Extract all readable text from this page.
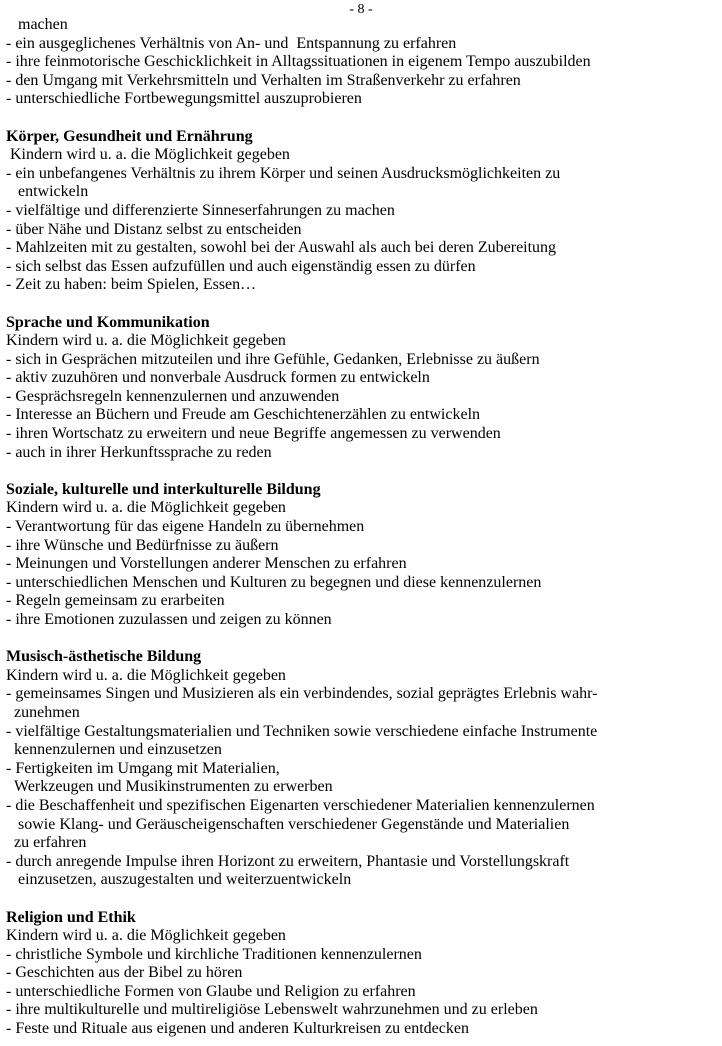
- 8 -
machen
- ein ausgeglichenes Verhältnis von An- und  Entspannung zu erfahren
- ihre feinmotorische Geschicklichkeit in Alltagssituationen in eigenem Tempo auszubilden
- den Umgang mit Verkehrsmitteln und Verhalten im Straßenverkehr zu erfahren
- unterschiedliche Fortbewegungsmittel auszuprobieren
Körper, Gesundheit und Ernährung
Kindern wird u. a. die Möglichkeit gegeben
- ein unbefangenes Verhältnis zu ihrem Körper und seinen Ausdrucksmöglichkeiten zu
entwickeln
- vielfältige und differenzierte Sinneserfahrungen zu machen
- über Nähe und Distanz selbst zu entscheiden
- Mahlzeiten mit zu gestalten, sowohl bei der Auswahl als auch bei deren Zubereitung
- sich selbst das Essen aufzufüllen und auch eigenständig essen zu dürfen
- Zeit zu haben: beim Spielen, Essen…
Sprache und Kommunikation
Kindern wird u. a. die Möglichkeit gegeben
- sich in Gesprächen mitzuteilen und ihre Gefühle, Gedanken, Erlebnisse zu äußern
- aktiv zuzuhören und nonverbale Ausdruck formen zu entwickeln
- Gesprächsregeln kennenzulernen und anzuwenden
- Interesse an Büchern und Freude am Geschichtenerzählen zu entwickeln
- ihren Wortschatz zu erweitern und neue Begriffe angemessen zu verwenden
- auch in ihrer Herkunftssprache zu reden
Soziale, kulturelle und interkulturelle Bildung
Kindern wird u. a. die Möglichkeit gegeben
- Verantwortung für das eigene Handeln zu übernehmen
- ihre Wünsche und Bedürfnisse zu äußern
- Meinungen und Vorstellungen anderer Menschen zu erfahren
- unterschiedlichen Menschen und Kulturen zu begegnen und diese kennenzulernen
- Regeln gemeinsam zu erarbeiten
- ihre Emotionen zuzulassen und zeigen zu können
Musisch-ästhetische Bildung
Kindern wird u. a. die Möglichkeit gegeben
- gemeinsames Singen und Musizieren als ein verbindendes, sozial geprägtes Erlebnis wahr-
zunehmen
- vielfältige Gestaltungsmaterialien und Techniken sowie verschiedene einfache Instrumente
kennenzulernen und einzusetzen
- Fertigkeiten im Umgang mit Materialien,
Werkzeugen und Musikinstrumenten zu erwerben
- die Beschaffenheit und spezifischen Eigenarten verschiedener Materialien kennenzulernen
sowie Klang- und Geräuscheigenschaften verschiedener Gegenstände und Materialien
zu erfahren
- durch anregende Impulse ihren Horizont zu erweitern, Phantasie und Vorstellungskraft
einzusetzen, auszugestalten und weiterzuentwickeln
Religion und Ethik
Kindern wird u. a. die Möglichkeit gegeben
- christliche Symbole und kirchliche Traditionen kennenzulernen
- Geschichten aus der Bibel zu hören
- unterschiedliche Formen von Glaube und Religion zu erfahren
- ihre multikulturelle und multireligiöse Lebenswelt wahrzunehmen und zu erleben
- Feste und Rituale aus eigenen und anderen Kulturkreisen zu entdecken
